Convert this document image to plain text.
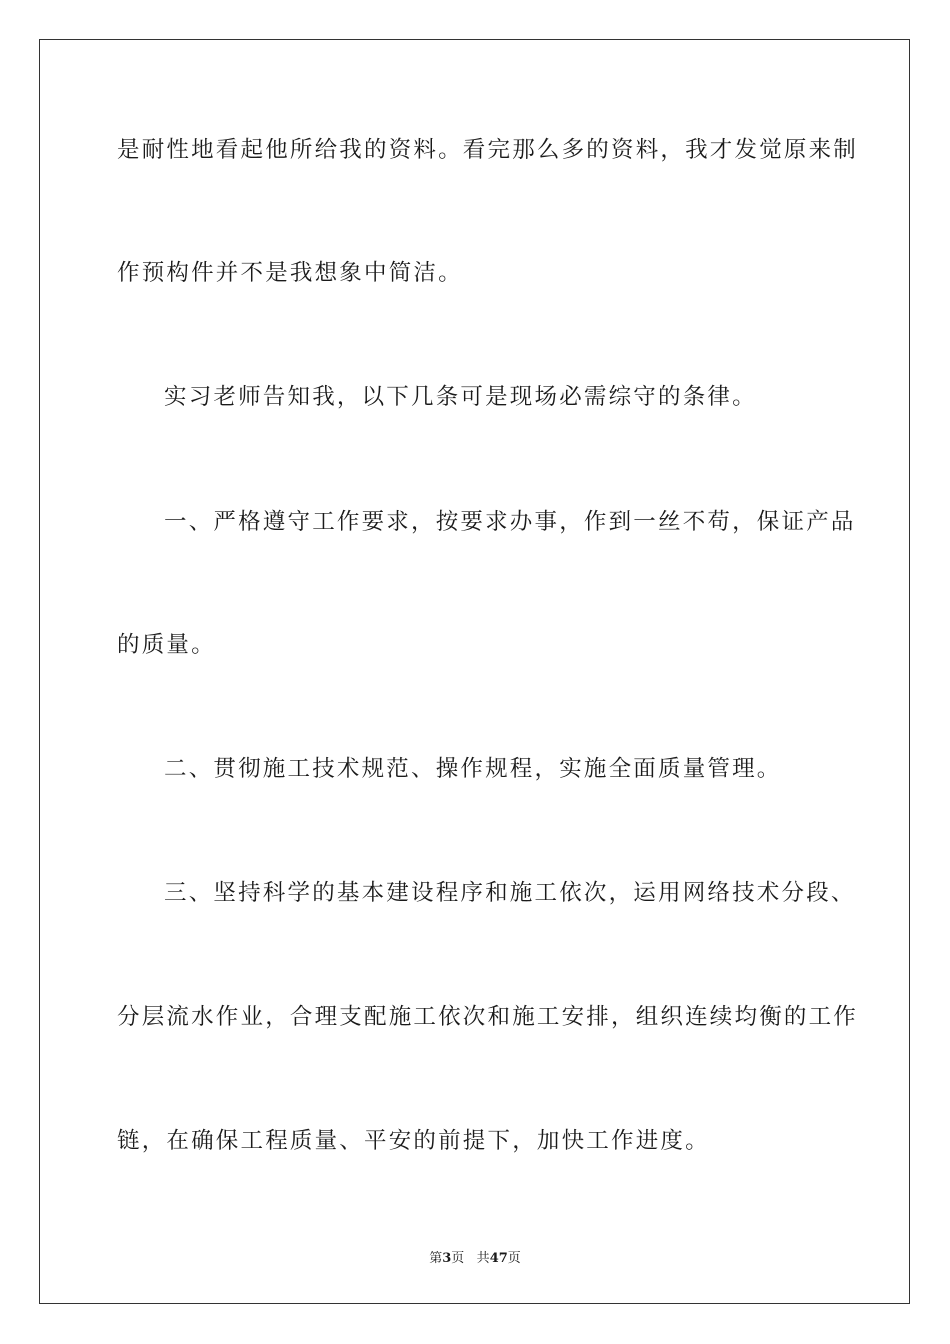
是耐性地看起他所给我的资料。看完那么多的资料，我才发觉原来制
作预构件并不是我想象中简洁。
实习老师告知我，以下几条可是现场必需综守的条律。
一、严格遵守工作要求，按要求办事，作到一丝不苟，保证产品
的质量。
二、贯彻施工技术规范、操作规程，实施全面质量管理。
三、坚持科学的基本建设程序和施工依次，运用网络技术分段、
分层流水作业，合理支配施工依次和施工安排，组织连续均衡的工作
链，在确保工程质量、平安的前提下，加快工作进度。
第3页 共47页
